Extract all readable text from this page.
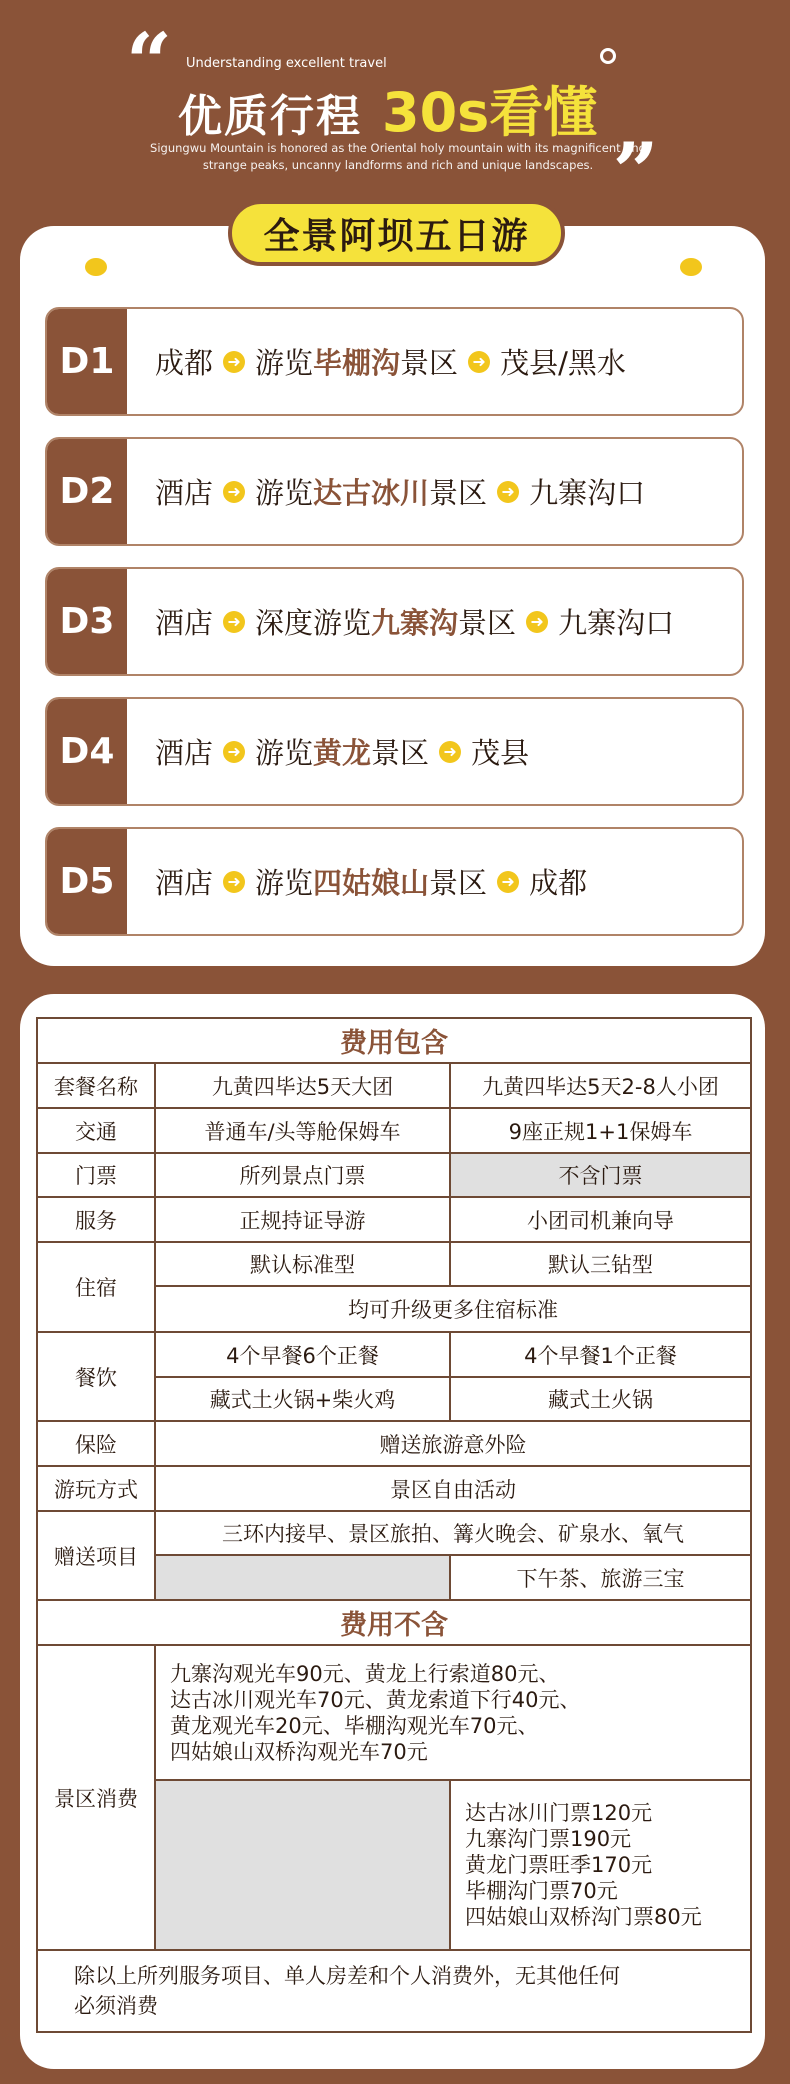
“ Understanding excellent travel
优质行程 30s看懂 „
Sigungwu Mountain is honored as the Oriental holy mountain with its magnificent and strange peaks, uncanny landforms and rich and unique landscapes.
全景阿坝五日游
D1	成都 ➜ 游览 毕棚沟 景区 ➜ 茂县/黑水
D2	酒店 ➜ 游览 达古冰川 景区 ➜ 九寨沟口
D3	酒店 ➜ 深度游览 九寨沟 景区 ➜ 九寨沟口
D4	酒店 ➜ 游览 黄龙 景区 ➜ 茂县
D5	酒店 ➜ 游览 四姑娘山 景区 ➜ 成都
费用包含		
套餐名称	九黄四毕达5天大团	九黄四毕达5天2-8人小团
交通	普通车/头等舱保姆车	9座正规1+1保姆车
门票	所列景点门票	不含门票
服务	正规持证导游	小团司机兼向导
住宿	默认标准型	默认三钻型
	均可升级更多住宿标准	
餐饮	4个早餐6个正餐	4个早餐1个正餐
	藏式土火锅+柴火鸡	藏式土火锅
保险	赠送旅游意外险	
游玩方式	景区自由活动	
赠送项目	三环内接早、景区旅拍、篝火晚会、矿泉水、氧气	
		下午茶、旅游三宝
费用不含		
景区消费	九寨沟观光车90元、黄龙上行索道80元、
达古冰川观光车70元、黄龙索道下行40元、
黄龙观光车20元、毕棚沟观光车70元、
四姑娘山双桥沟观光车70元	

		达古冰川门票120元
九寨沟门票190元
黄龙门票旺季170元
毕棚沟门票70元
四姑娘山双桥沟门票80元

除以上所列服务项目、单人房差和个人消费外，无其他任何
必须消费		
